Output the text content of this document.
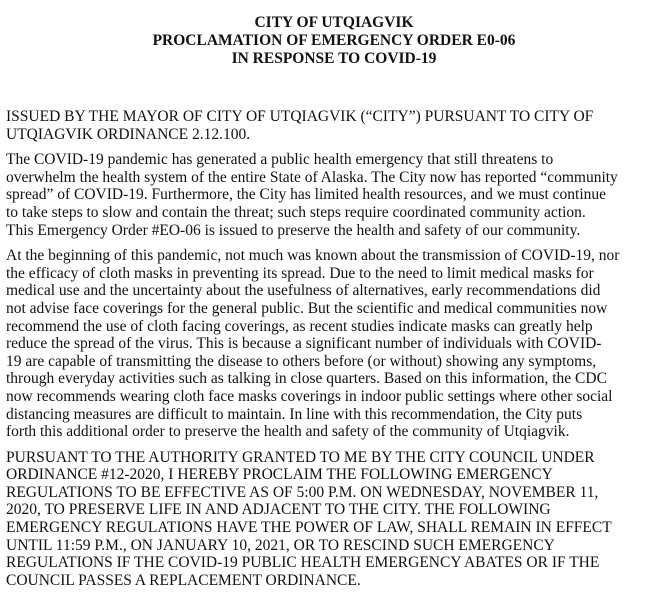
CITY OF UTQIAGVIK
PROCLAMATION OF EMERGENCY ORDER E0-06
IN RESPONSE TO COVID-19

ISSUED BY THE MAYOR OF CITY OF UTQIAGVIK (“CITY”) PURSUANT TO CITY OF
UTQIAGVIK ORDINANCE 2.12.100.

The COVID-19 pandemic has generated a public health emergency that still threatens to
overwhelm the health system of the entire State of Alaska. The City now has reported “community
spread” of COVID-19. Furthermore, the City has limited health resources, and we must continue
to take steps to slow and contain the threat; such steps require coordinated community action.
This Emergency Order #EO-06 is issued to preserve the health and safety of our community.

At the beginning of this pandemic, not much was known about the transmission of COVID-19, nor
the efficacy of cloth masks in preventing its spread. Due to the need to limit medical masks for
medical use and the uncertainty about the usefulness of alternatives, early recommendations did
not advise face coverings for the general public. But the scientific and medical communities now
recommend the use of cloth facing coverings, as recent studies indicate masks can greatly help
reduce the spread of the virus. This is because a significant number of individuals with COVID-
19 are capable of transmitting the disease to others before (or without) showing any symptoms,
through everyday activities such as talking in close quarters. Based on this information, the CDC
now recommends wearing cloth face masks coverings in indoor public settings where other social
distancing measures are difficult to maintain. In line with this recommendation, the City puts
forth this additional order to preserve the health and safety of the community of Utqiagvik.

PURSUANT TO THE AUTHORITY GRANTED TO ME BY THE CITY COUNCIL UNDER
ORDINANCE #12-2020, I HEREBY PROCLAIM THE FOLLOWING EMERGENCY
REGULATIONS TO BE EFFECTIVE AS OF 5:00 P.M. ON WEDNESDAY, NOVEMBER 11,
2020, TO PRESERVE LIFE IN AND ADJACENT TO THE CITY. THE FOLLOWING
EMERGENCY REGULATIONS HAVE THE POWER OF LAW, SHALL REMAIN IN EFFECT
UNTIL 11:59 P.M., ON JANUARY 10, 2021, OR TO RESCIND SUCH EMERGENCY
REGULATIONS IF THE COVID-19 PUBLIC HEALTH EMERGENCY ABATES OR IF THE
COUNCIL PASSES A REPLACEMENT ORDINANCE.
